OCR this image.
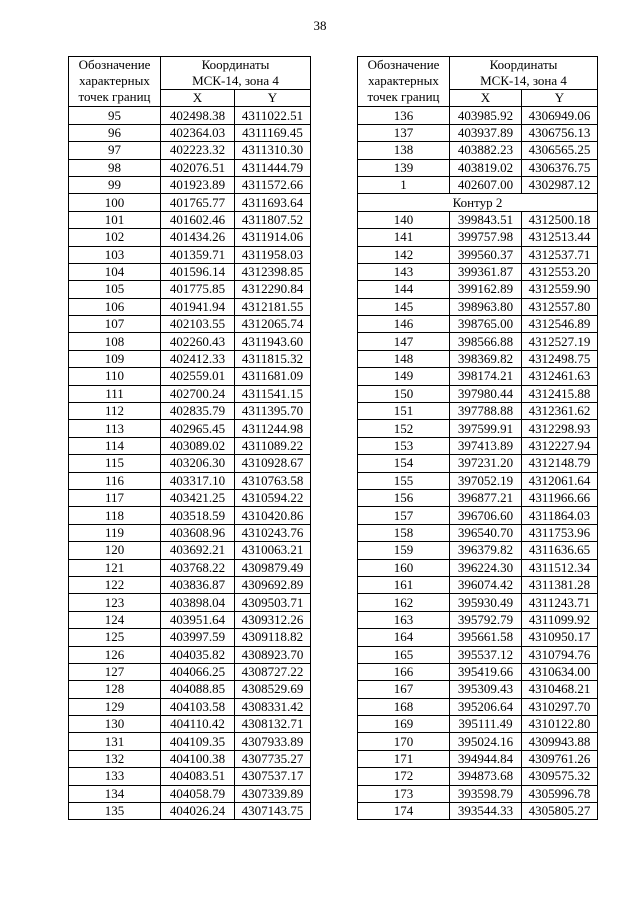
38
Обозначение
характерных
точек границ	Координаты
МСК-14, зона 4	
	X	Y
95	402498.38	4311022.51
96	402364.03	4311169.45
97	402223.32	4311310.30
98	402076.51	4311444.79
99	401923.89	4311572.66
100	401765.77	4311693.64
101	401602.46	4311807.52
102	401434.26	4311914.06
103	401359.71	4311958.03
104	401596.14	4312398.85
105	401775.85	4312290.84
106	401941.94	4312181.55
107	402103.55	4312065.74
108	402260.43	4311943.60
109	402412.33	4311815.32
110	402559.01	4311681.09
111	402700.24	4311541.15
112	402835.79	4311395.70
113	402965.45	4311244.98
114	403089.02	4311089.22
115	403206.30	4310928.67
116	403317.10	4310763.58
117	403421.25	4310594.22
118	403518.59	4310420.86
119	403608.96	4310243.76
120	403692.21	4310063.21
121	403768.22	4309879.49
122	403836.87	4309692.89
123	403898.04	4309503.71
124	403951.64	4309312.26
125	403997.59	4309118.82
126	404035.82	4308923.70
127	404066.25	4308727.22
128	404088.85	4308529.69
129	404103.58	4308331.42
130	404110.42	4308132.71
131	404109.35	4307933.89
132	404100.38	4307735.27
133	404083.51	4307537.17
134	404058.79	4307339.89
135	404026.24	4307143.75
Обозначение
характерных
точек границ	Координаты
МСК-14, зона 4	
	X	Y
136	403985.92	4306949.06
137	403937.89	4306756.13
138	403882.23	4306565.25
139	403819.02	4306376.75
1	402607.00	4302987.12
Контур 2		
140	399843.51	4312500.18
141	399757.98	4312513.44
142	399560.37	4312537.71
143	399361.87	4312553.20
144	399162.89	4312559.90
145	398963.80	4312557.80
146	398765.00	4312546.89
147	398566.88	4312527.19
148	398369.82	4312498.75
149	398174.21	4312461.63
150	397980.44	4312415.88
151	397788.88	4312361.62
152	397599.91	4312298.93
153	397413.89	4312227.94
154	397231.20	4312148.79
155	397052.19	4312061.64
156	396877.21	4311966.66
157	396706.60	4311864.03
158	396540.70	4311753.96
159	396379.82	4311636.65
160	396224.30	4311512.34
161	396074.42	4311381.28
162	395930.49	4311243.71
163	395792.79	4311099.92
164	395661.58	4310950.17
165	395537.12	4310794.76
166	395419.66	4310634.00
167	395309.43	4310468.21
168	395206.64	4310297.70
169	395111.49	4310122.80
170	395024.16	4309943.88
171	394944.84	4309761.26
172	394873.68	4309575.32
173	393598.79	4305996.78
174	393544.33	4305805.27
